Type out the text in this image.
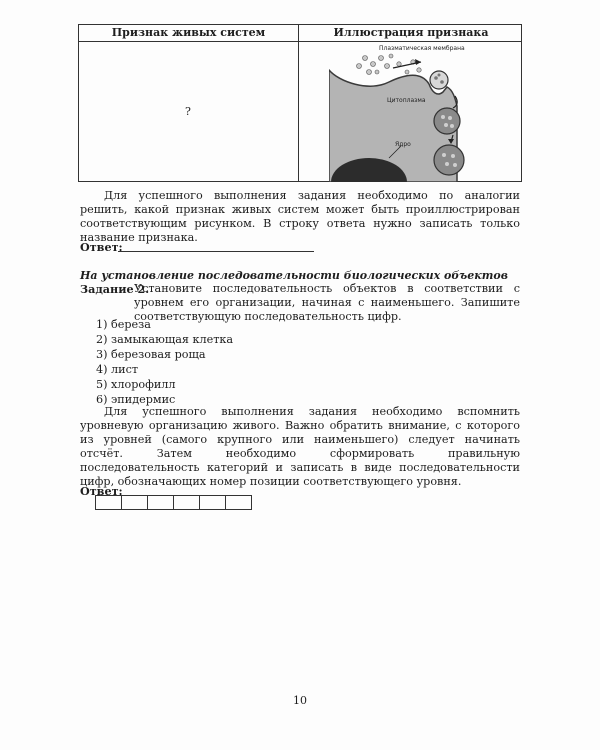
Признак живых систем	Иллюстрация признака
?
Плазматическая мембрана
Цитоплазма
Ядро
Для успешного выполнения задания необходимо по аналогии решить, какой признак живых систем может быть проиллюстрирован соответствующим рисунком. В строку ответа нужно записать только название признака.
Ответ:
На установление последовательности биологических объектов
Задание 2.
Установите последовательность объектов в соответствии с уровнем его организации, начиная с наименьшего. Запишите соответствующую последовательность цифр.
1) береза
2) замыкающая клетка
3) березовая роща
4) лист
5) хлорофилл
6) эпидермис
Для успешного выполнения задания необходимо вспомнить уровневую организацию живого. Важно обратить внимание, с которого из уровней (самого крупного или наименьшего) следует начинать отсчёт. Затем необходимо сформировать правильную последовательность категорий и записать в виде последовательности цифр, обозначающих номер позиции соответствующего уровня.
Ответ:
10
